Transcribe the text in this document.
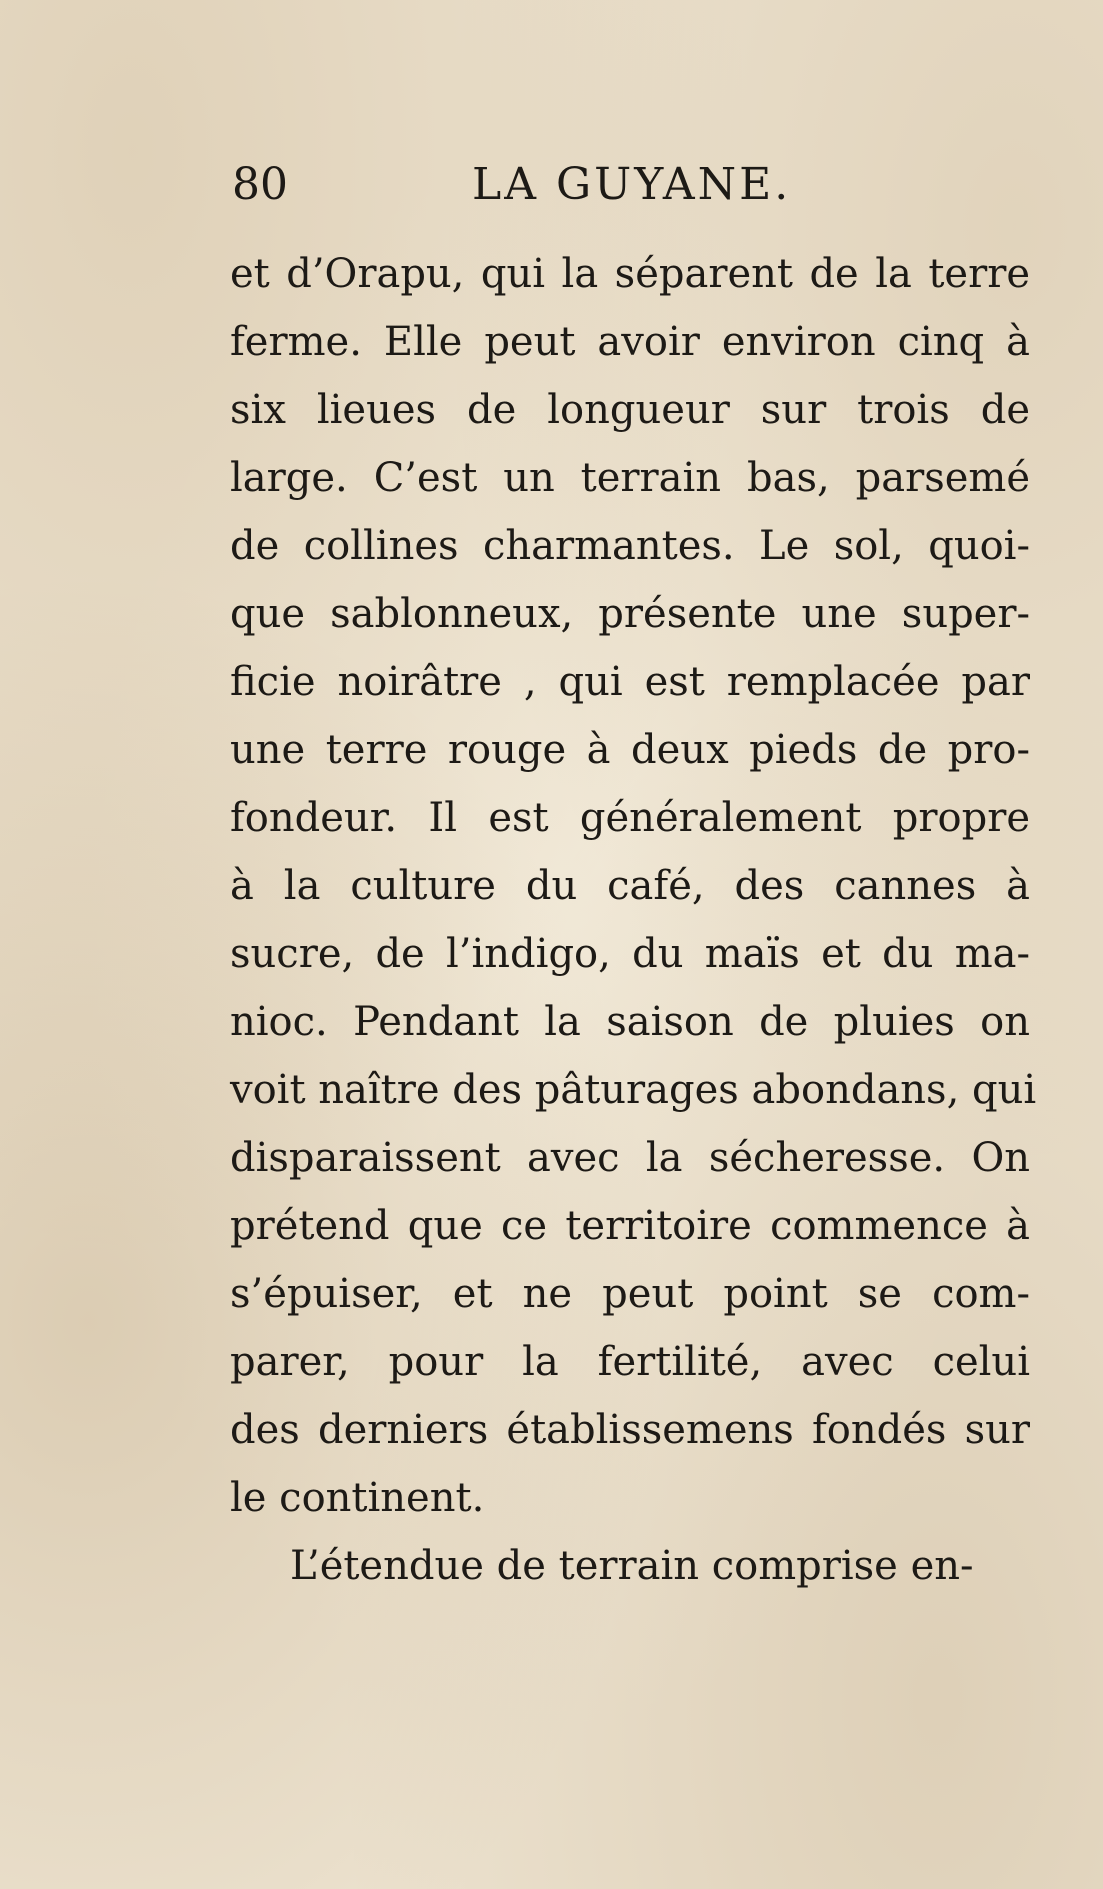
80	LA GUYANE.
et d’Orapu, qui la séparent de la terre
ferme. Elle peut avoir environ cinq à
six lieues de longueur sur trois de
large. C’est un terrain bas, parsemé
de collines charmantes. Le sol, quoi-
que sablonneux, présente une super-
ficie noirâtre , qui est remplacée par
une terre rouge à deux pieds de pro-
fondeur. Il est généralement propre
à la culture du café, des cannes à
sucre, de l’indigo, du maïs et du ma-
nioc. Pendant la saison de pluies on
voit naître des pâturages abondans, qui
disparaissent avec la sécheresse. On
prétend que ce territoire commence à
s’épuiser, et ne peut point se com-
parer, pour la fertilité, avec celui
des derniers établissemens fondés sur
le continent.
L’étendue de terrain comprise en-
